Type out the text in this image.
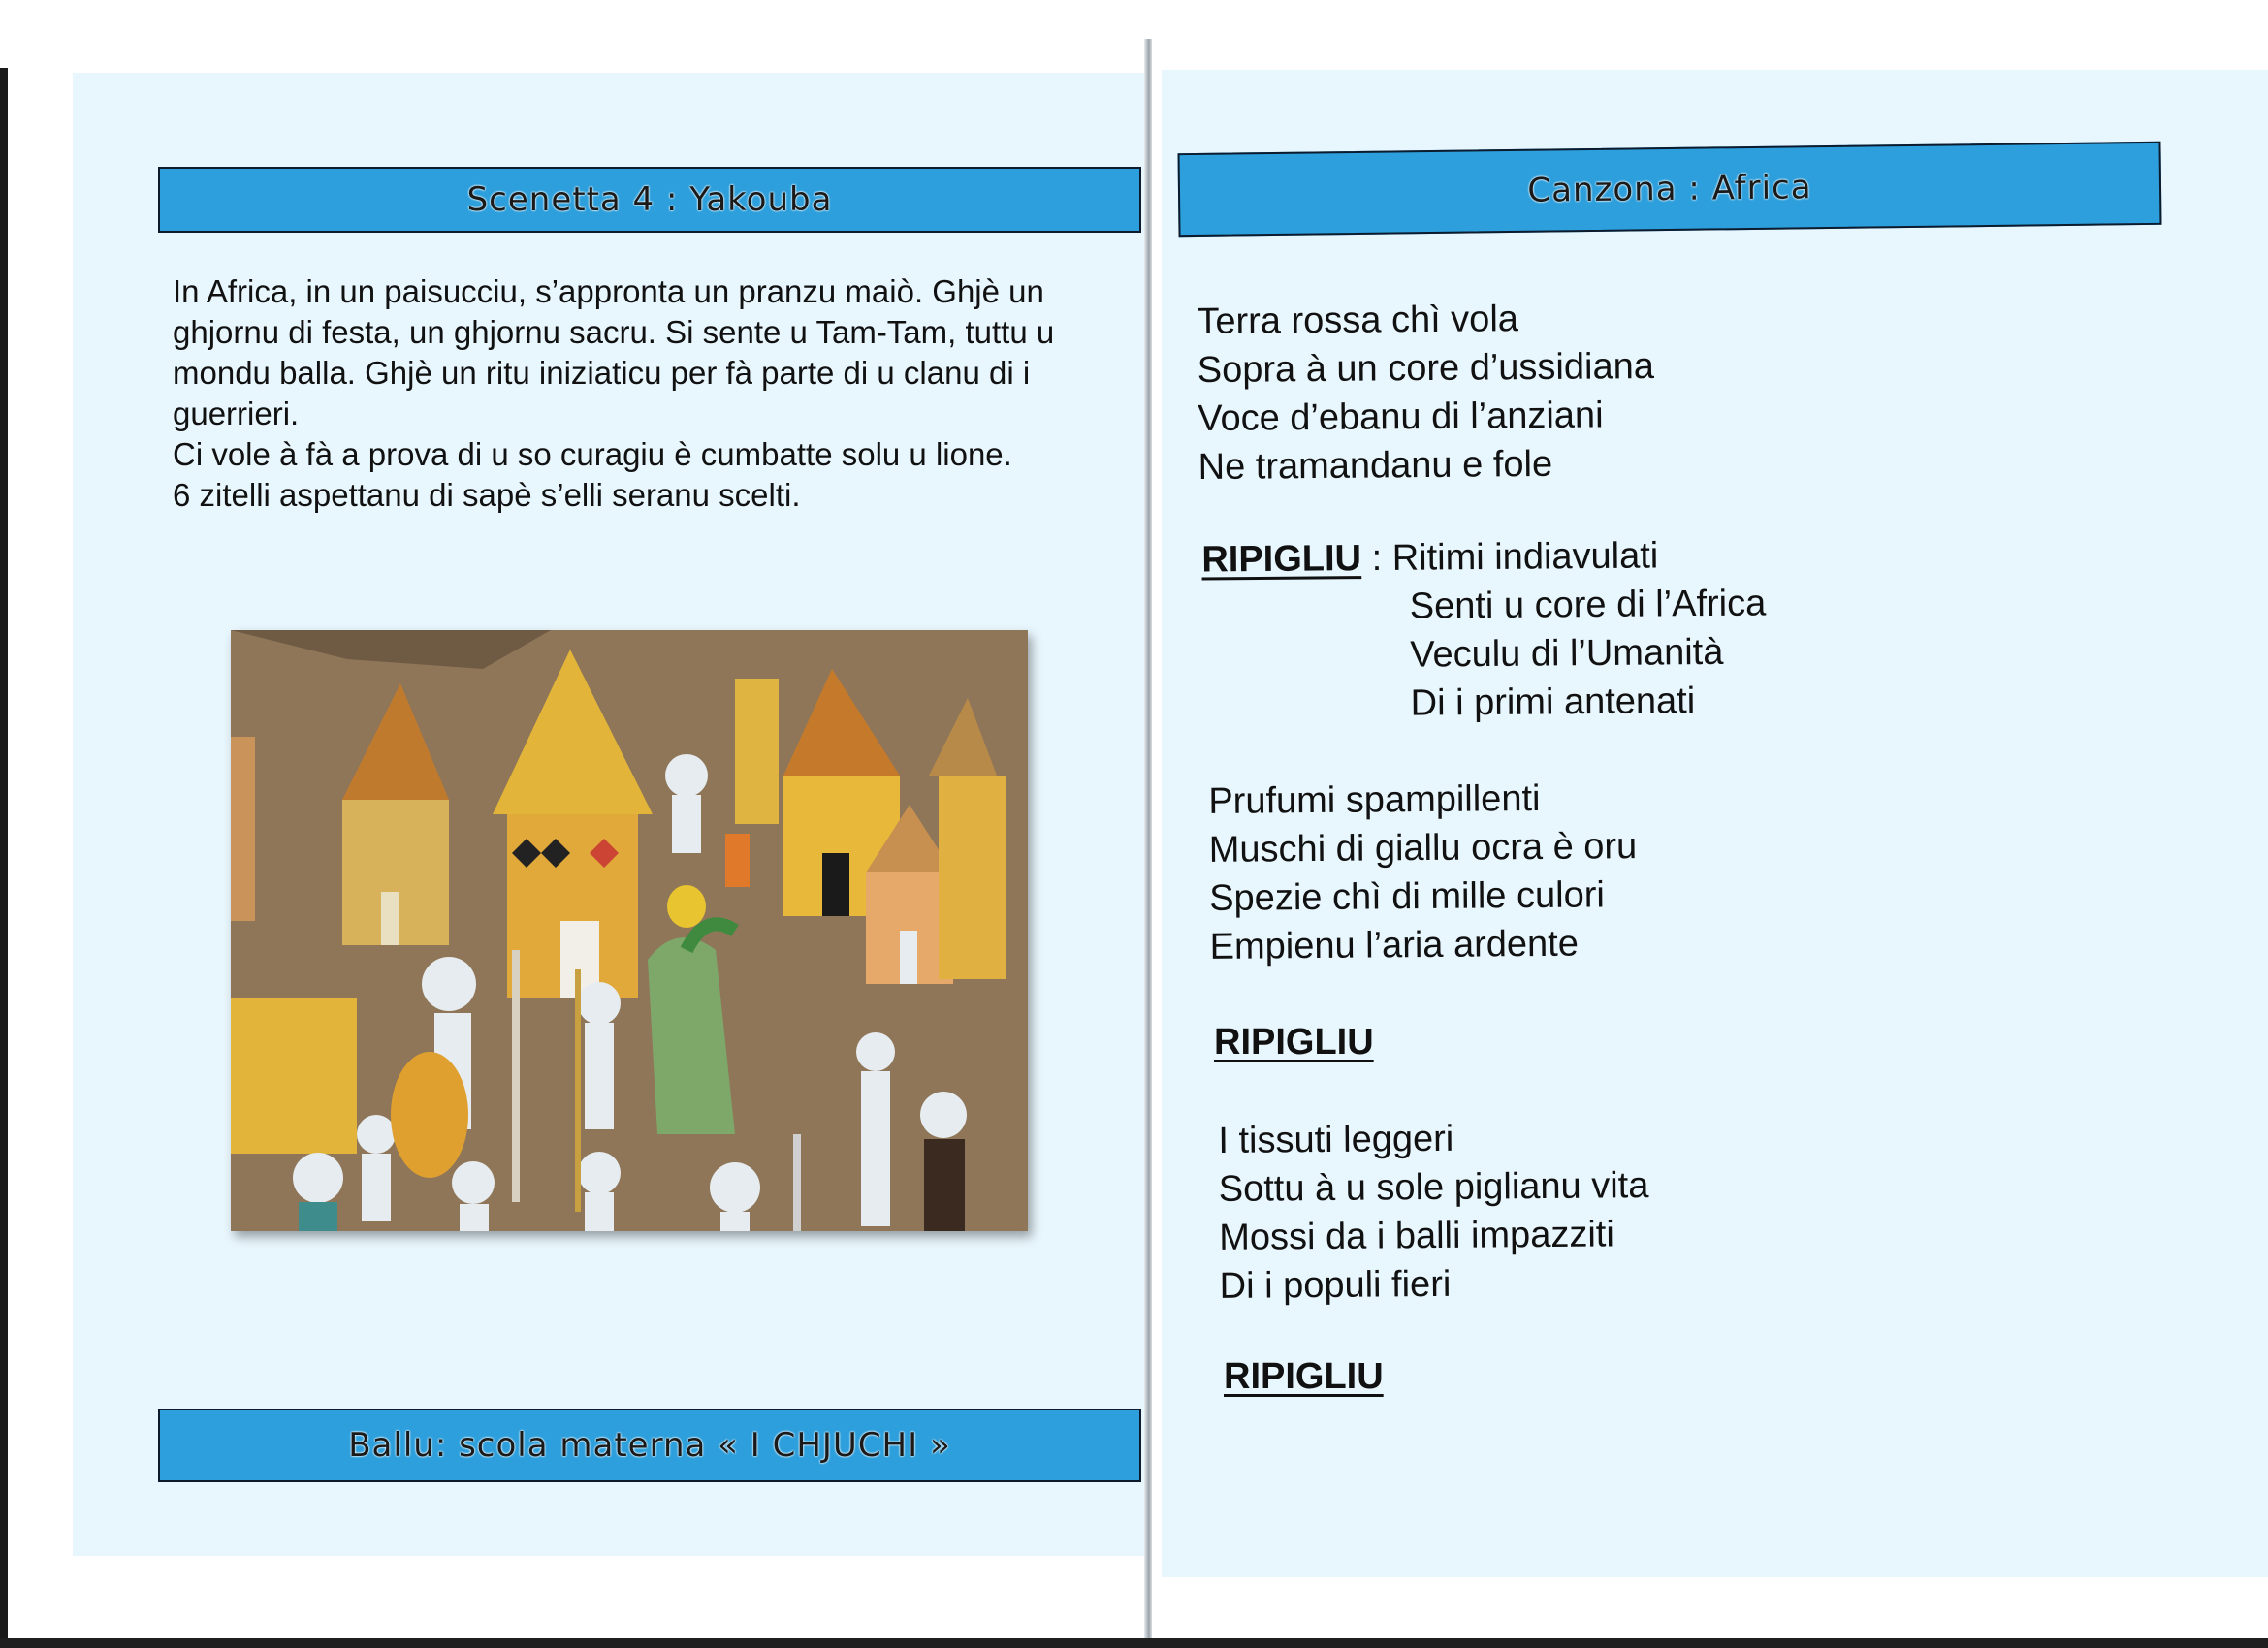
Scenetta 4 : Yakouba

In Africa, in un paisucciu, s’appronta un pranzu maiò. Ghjè un ghjornu di festa, un ghjornu sacru. Si sente u Tam-Tam, tuttu u mondu balla. Ghjè un ritu iniziaticu per fà parte di u clanu di i guerrieri.

Ci vole à fà a prova di u so curagiu è cumbatte solu u lione.

6 zitelli aspettanu di sapè s’elli seranu scelti.

Ballu: scola materna « I CHJUCHI »
Canzona : Africa
Terra rossa chì vola
Sopra à un core d’ussidiana
Voce d’ebanu di l’anziani
Ne tramandanu e fole
RIPIGLIU : Ritimi indiavulati
Senti u core di l’Africa
Veculu di l’Umanità
Di i primi antenati
Prufumi spampillenti
Muschi di giallu ocra è oru
Spezie chì di mille culori
Empienu l’aria ardente
RIPIGLIU
I tissuti leggeri
Sottu à u sole piglianu vita
Mossi da i balli impazziti
Di i populi fieri
RIPIGLIU
